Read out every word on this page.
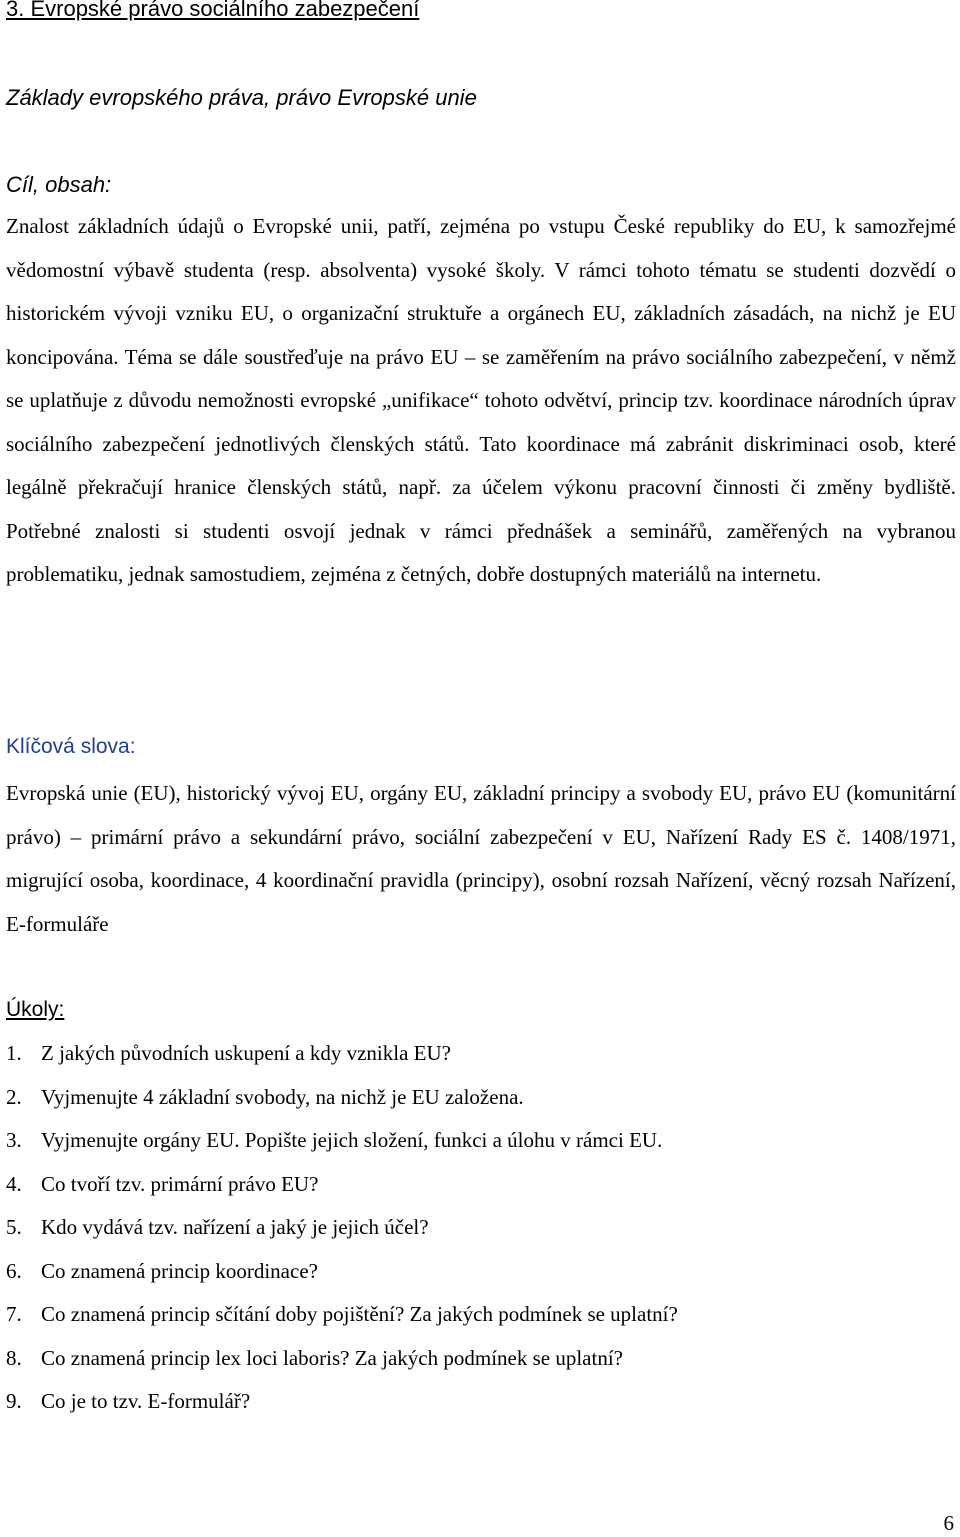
3. Evropské právo sociálního zabezpečení
Základy evropského práva, právo Evropské unie
Cíl, obsah:

Znalost základních údajů o Evropské unii, patří, zejména po vstupu České republiky do EU, k samozřejmé vědomostní výbavě studenta (resp. absolventa) vysoké školy. V rámci tohoto tématu se studenti dozvědí o historickém vývoji vzniku EU, o organizační struktuře a orgánech EU, základních zásadách, na nichž je EU koncipována. Téma se dále soustřeďuje na právo EU – se zaměřením na právo sociálního zabezpečení, v němž se uplatňuje z důvodu nemožnosti evropské „unifikace“ tohoto odvětví, princip tzv. koordinace národních úprav sociálního zabezpečení jednotlivých členských států. Tato koordinace má zabránit diskriminaci osob, které legálně překračují hranice členských států, např. za účelem výkonu pracovní činnosti či změny bydliště. Potřebné znalosti si studenti osvojí jednak v rámci přednášek a seminářů, zaměřených na vybranou problematiku, jednak samostudiem, zejména z četných, dobře dostupných materiálů na internetu.

Klíčová slova:

Evropská unie (EU), historický vývoj EU, orgány EU, základní principy a svobody EU, právo EU (komunitární právo) – primární právo a sekundární právo, sociální zabezpečení v EU, Nařízení Rady ES č. 1408/1971, migrující osoba, koordinace, 4 koordinační pravidla (principy), osobní rozsah Nařízení, věcný rozsah Nařízení, E-formuláře

Úkoly:
1. Z jakých původních uskupení a kdy vznikla EU?
2. Vyjmenujte 4 základní svobody, na nichž je EU založena.
3. Vyjmenujte orgány EU. Popište jejich složení, funkci a úlohu v rámci EU.
4. Co tvoří tzv. primární právo EU?
5. Kdo vydává tzv. nařízení a jaký je jejich účel?
6. Co znamená princip koordinace?
7. Co znamená princip sčítání doby pojištění? Za jakých podmínek se uplatní?
8. Co znamená princip lex loci laboris? Za jakých podmínek se uplatní?
9. Co je to tzv. E-formulář?
6
